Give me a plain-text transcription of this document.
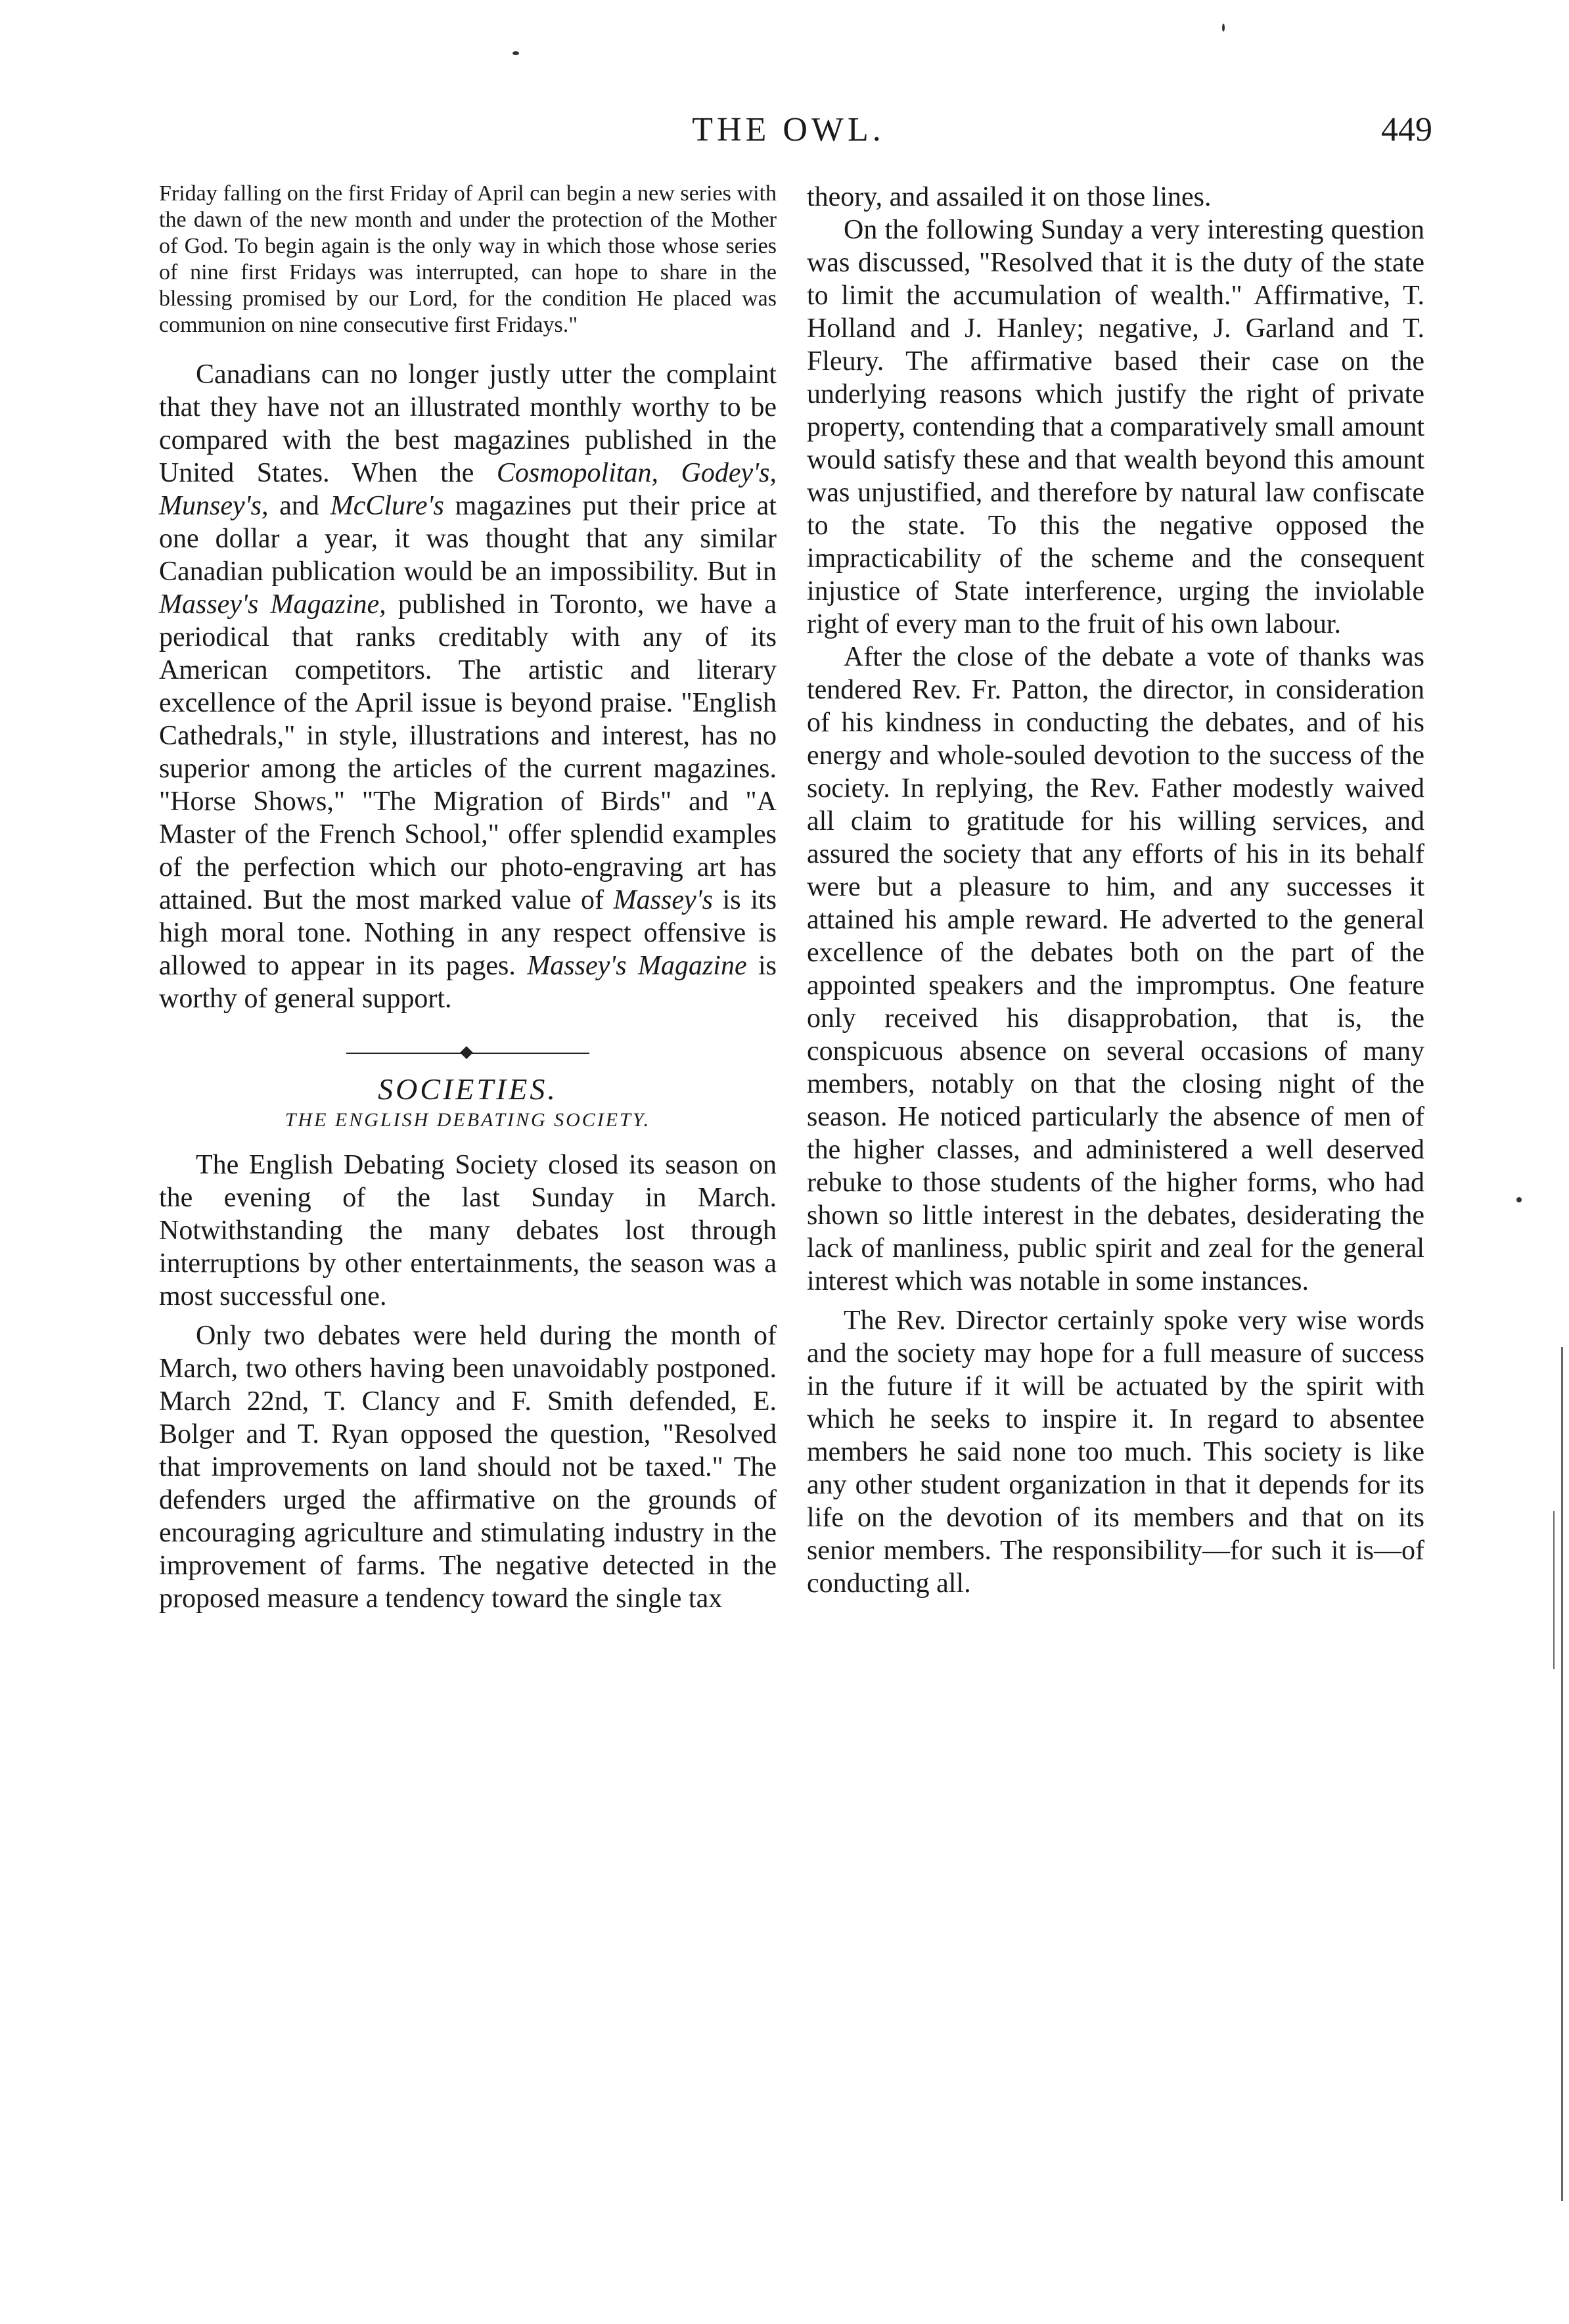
THE OWL.	449

Friday falling on the first Friday of April can begin a new series with the dawn of the new month and under the protection of the Mother of God. To begin again is the only way in which those whose series of nine first Fridays was interrupted, can hope to share in the blessing promised by our Lord, for the condition He placed was communion on nine consecutive first Fridays."

Canadians can no longer justly utter the complaint that they have not an illustrated monthly worthy to be compared with the best magazines published in the United States. When the Cosmopolitan, Godey's, Munsey's, and McClure's magazines put their price at one dollar a year, it was thought that any similar Canadian publication would be an impossibility. But in Massey's Magazine, published in Toronto, we have a periodical that ranks creditably with any of its American competitors. The artistic and literary excellence of the April issue is beyond praise. "English Cathedrals," in style, illustrations and interest, has no superior among the articles of the current magazines. "Horse Shows," "The Migration of Birds" and "A Master of the French School," offer splendid examples of the perfection which our photo-engraving art has attained. But the most marked value of Massey's is its high moral tone. Nothing in any respect offensive is allowed to appear in its pages. Massey's Magazine is worthy of general support.

SOCIETIES.
THE ENGLISH DEBATING SOCIETY.

The English Debating Society closed its season on the evening of the last Sunday in March. Notwithstanding the many debates lost through interruptions by other entertainments, the season was a most successful one.

Only two debates were held during the month of March, two others having been unavoidably postponed. March 22nd, T. Clancy and F. Smith defended, E. Bolger and T. Ryan opposed the question, "Resolved that improvements on land should not be taxed." The defenders urged the affirmative on the grounds of encouraging agriculture and stimulating industry in the improvement of farms. The negative detected in the proposed measure a tendency toward the single tax

theory, and assailed it on those lines.

On the following Sunday a very interesting question was discussed, "Resolved that it is the duty of the state to limit the accumulation of wealth." Affirmative, T. Holland and J. Hanley; negative, J. Garland and T. Fleury. The affirmative based their case on the underlying reasons which justify the right of private property, contending that a comparatively small amount would satisfy these and that wealth beyond this amount was unjustified, and therefore by natural law confiscate to the state. To this the negative opposed the impracticability of the scheme and the consequent injustice of State interference, urging the inviolable right of every man to the fruit of his own labour.

After the close of the debate a vote of thanks was tendered Rev. Fr. Patton, the director, in consideration of his kindness in conducting the debates, and of his energy and whole-souled devotion to the success of the society. In replying, the Rev. Father modestly waived all claim to gratitude for his willing services, and assured the society that any efforts of his in its behalf were but a pleasure to him, and any successes it attained his ample reward. He adverted to the general excellence of the debates both on the part of the appointed speakers and the impromptus. One feature only received his disapprobation, that is, the conspicuous absence on several occasions of many members, notably on that the closing night of the season. He noticed particularly the absence of men of the higher classes, and administered a well deserved rebuke to those students of the higher forms, who had shown so little interest in the debates, desiderating the lack of manliness, public spirit and zeal for the general interest which was notable in some instances.

The Rev. Director certainly spoke very wise words and the society may hope for a full measure of success in the future if it will be actuated by the spirit with which he seeks to inspire it. In regard to absentee members he said none too much. This society is like any other student organization in that it depends for its life on the devotion of its members and that on its senior members. The responsibility—for such it is—of conducting all.
